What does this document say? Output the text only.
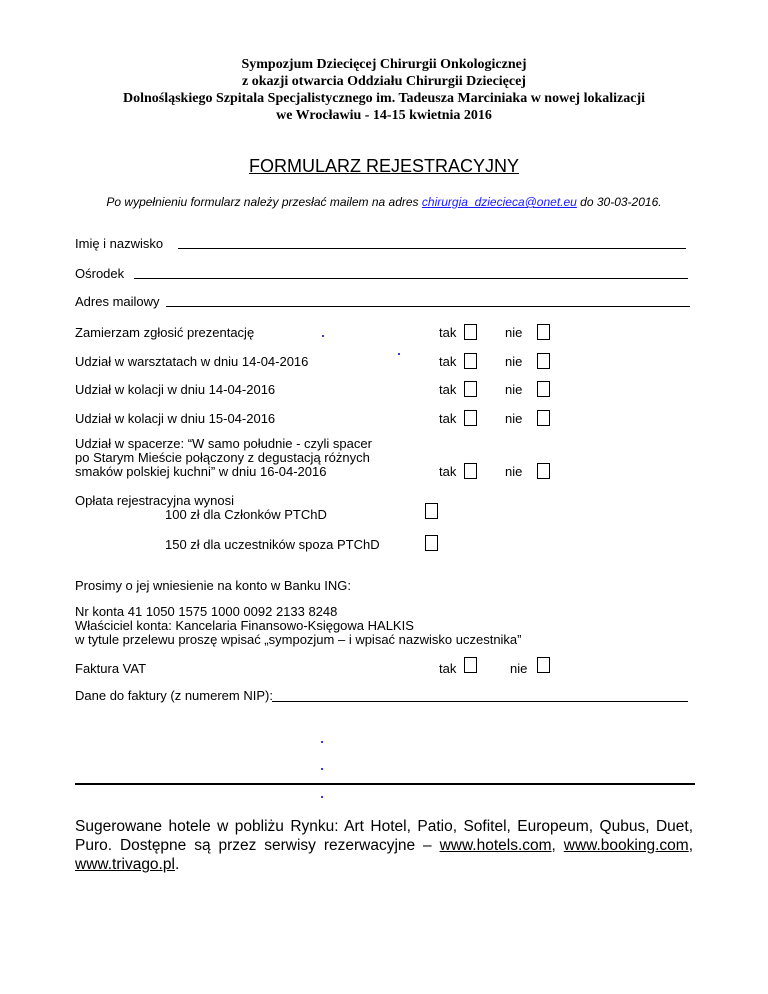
Sympozjum Dziecięcej Chirurgii Onkologicznej
z okazji otwarcia Oddziału Chirurgii Dziecięcej
Dolnośląskiego Szpitala Specjalistycznego im. Tadeusza Marciniaka w nowej lokalizacji
we Wrocławiu - 14-15 kwietnia 2016
FORMULARZ REJESTRACYJNY
Po wypełnieniu formularz należy przesłać mailem na adres chirurgia_dziecieca@onet.eu do 30-03-2016.
Imię i nazwisko
Ośrodek
Adres mailowy
Zamierzam zgłosić prezentację	tak	nie
Udział w warsztatach w dniu 14-04-2016	tak	nie
Udział w kolacji w dniu 14-04-2016	tak	nie
Udział w kolacji w dniu 15-04-2016	tak	nie
Udział w spacerze: “W samo południe - czyli spacer
po Starym Mieście połączony z degustacją różnych
smaków polskiej kuchni” w dniu 16-04-2016	tak	nie
Opłata rejestracyjna wynosi
100 zł dla Członków PTChD
150 zł dla uczestników spoza PTChD
Prosimy o jej wniesienie na konto w Banku ING:
Nr konta 41 1050 1575 1000 0092 2133 8248
Właściciel konta: Kancelaria Finansowo-Księgowa HALKIS
w tytule przelewu proszę wpisać „sympozjum – i wpisać nazwisko uczestnika”
Faktura VAT	tak	nie
Dane do faktury (z numerem NIP):
Sugerowane hotele w pobliżu Rynku: Art Hotel, Patio, Sofitel, Europeum, Qubus, Duet, Puro. Dostępne są przez serwisy rezerwacyjne – www.hotels.com, www.booking.com, www.trivago.pl.
